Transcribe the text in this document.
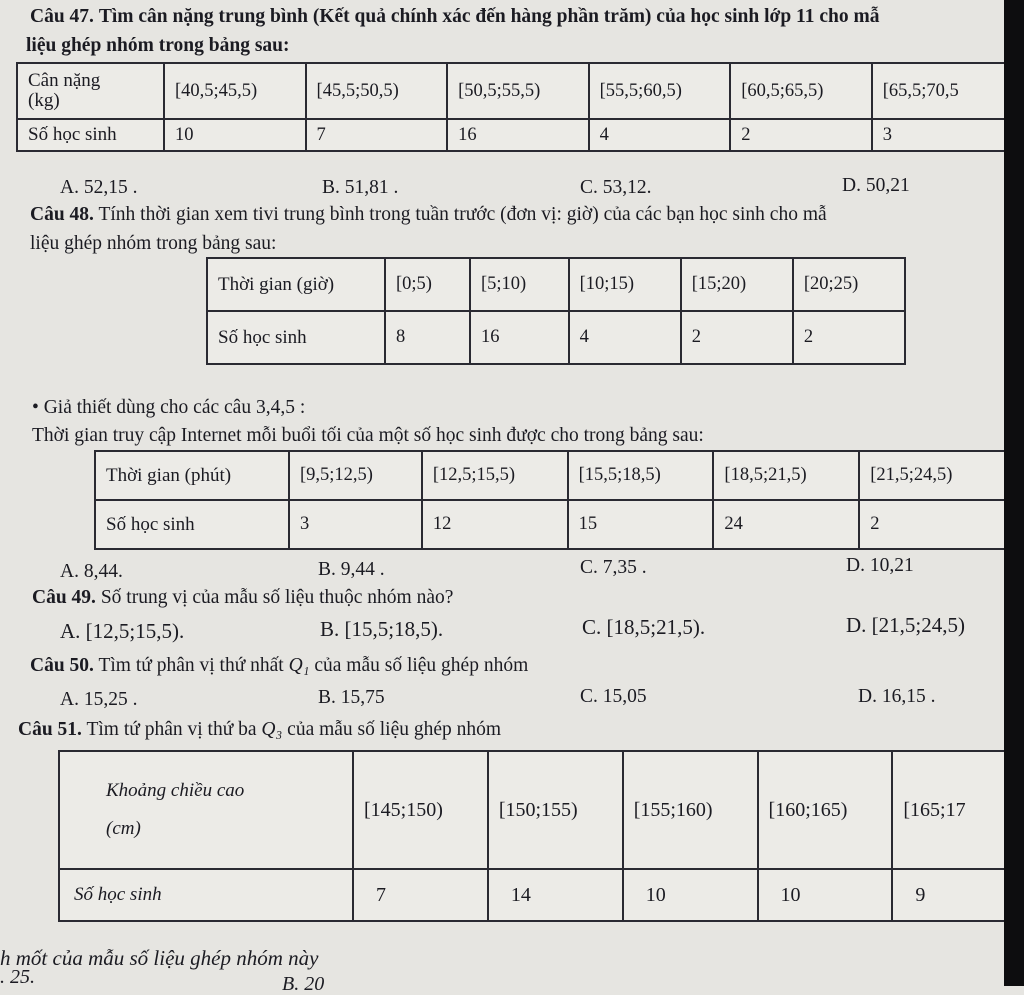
Câu 47. Tìm cân nặng trung bình (Kết quả chính xác đến hàng phần trăm) của học sinh lớp 11 cho mẫ
liệu ghép nhóm trong bảng sau:
Cân nặng
(kg)	[40,5;45,5)	[45,5;50,5)	[50,5;55,5)	[55,5;60,5)	[60,5;65,5)	[65,5;70,5
Số học sinh	10	7	16	4	2	3
A. 52,15 .	B. 51,81 .	C. 53,12.	D. 50,21
Câu 48. Tính thời gian xem tivi trung bình trong tuần trước (đơn vị: giờ) của các bạn học sinh cho mẫ
liệu ghép nhóm trong bảng sau:
Thời gian (giờ)	[0;5)	[5;10)	[10;15)	[15;20)	[20;25)
Số học sinh	8	16	4	2	2
• Giả thiết dùng cho các câu 3,4,5 :
Thời gian truy cập Internet mỗi buổi tối của một số học sinh được cho trong bảng sau:
Thời gian (phút)	[9,5;12,5)	[12,5;15,5)	[15,5;18,5)	[18,5;21,5)	[21,5;24,5)
Số học sinh	3	12	15	24	2
A. 8,44.	B. 9,44 .	C. 7,35 .	D. 10,21
Câu 49. Số trung vị của mẫu số liệu thuộc nhóm nào?
A. [12,5;15,5).	B. [15,5;18,5).	C. [18,5;21,5).	D. [21,5;24,5)
Câu 50. Tìm tứ phân vị thứ nhất Q₁ của mẫu số liệu ghép nhóm
A. 15,25 .	B. 15,75	C. 15,05	D. 16,15 .
Câu 51. Tìm tứ phân vị thứ ba Q₃ của mẫu số liệu ghép nhóm
Khoảng chiều cao
(cm)	[145;150)	[150;155)	[155;160)	[160;165)	[165;17
Số học sinh	7	14	10	10	9
h mốt của mẫu số liệu ghép nhóm này
. 25.	B. 20
